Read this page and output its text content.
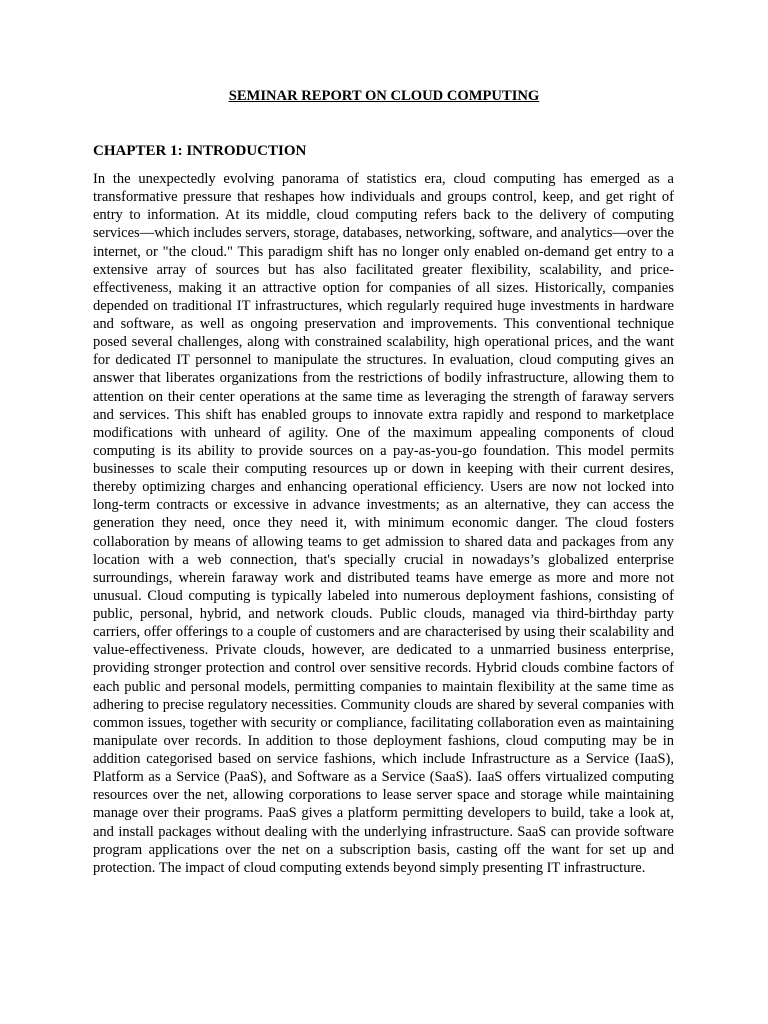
SEMINAR REPORT ON CLOUD COMPUTING
CHAPTER 1: INTRODUCTION

In the unexpectedly evolving panorama of statistics era, cloud computing has emerged as a transformative pressure that reshapes how individuals and groups control, keep, and get right of entry to information. At its middle, cloud computing refers back to the delivery of computing services—which includes servers, storage, databases, networking, software, and analytics—over the internet, or "the cloud." This paradigm shift has no longer only enabled on-demand get entry to a extensive array of sources but has also facilitated greater flexibility, scalability, and price-effectiveness, making it an attractive option for companies of all sizes. Historically, companies depended on traditional IT infrastructures, which regularly required huge investments in hardware and software, as well as ongoing preservation and improvements. This conventional technique posed several challenges, along with constrained scalability, high operational prices, and the want for dedicated IT personnel to manipulate the structures. In evaluation, cloud computing gives an answer that liberates organizations from the restrictions of bodily infrastructure, allowing them to attention on their center operations at the same time as leveraging the strength of faraway servers and services. This shift has enabled groups to innovate extra rapidly and respond to marketplace modifications with unheard of agility. One of the maximum appealing components of cloud computing is its ability to provide sources on a pay-as-you-go foundation. This model permits businesses to scale their computing resources up or down in keeping with their current desires, thereby optimizing charges and enhancing operational efficiency. Users are now not locked into long-term contracts or excessive in advance investments; as an alternative, they can access the generation they need, once they need it, with minimum economic danger. The cloud fosters collaboration by means of allowing teams to get admission to shared data and packages from any location with a web connection, that's specially crucial in nowadays’s globalized enterprise surroundings, wherein faraway work and distributed teams have emerge as more and more not unusual. Cloud computing is typically labeled into numerous deployment fashions, consisting of public, personal, hybrid, and network clouds. Public clouds, managed via third-birthday party carriers, offer offerings to a couple of customers and are characterised by using their scalability and value-effectiveness. Private clouds, however, are dedicated to a unmarried business enterprise, providing stronger protection and control over sensitive records. Hybrid clouds combine factors of each public and personal models, permitting companies to maintain flexibility at the same time as adhering to precise regulatory necessities. Community clouds are shared by several companies with common issues, together with security or compliance, facilitating collaboration even as maintaining manipulate over records. In addition to those deployment fashions, cloud computing may be in addition categorised based on service fashions, which include Infrastructure as a Service (IaaS), Platform as a Service (PaaS), and Software as a Service (SaaS). IaaS offers virtualized computing resources over the net, allowing corporations to lease server space and storage while maintaining manage over their programs. PaaS gives a platform permitting developers to build, take a look at, and install packages without dealing with the underlying infrastructure. SaaS can provide software program applications over the net on a subscription basis, casting off the want for set up and protection. The impact of cloud computing extends beyond simply presenting IT infrastructure.
